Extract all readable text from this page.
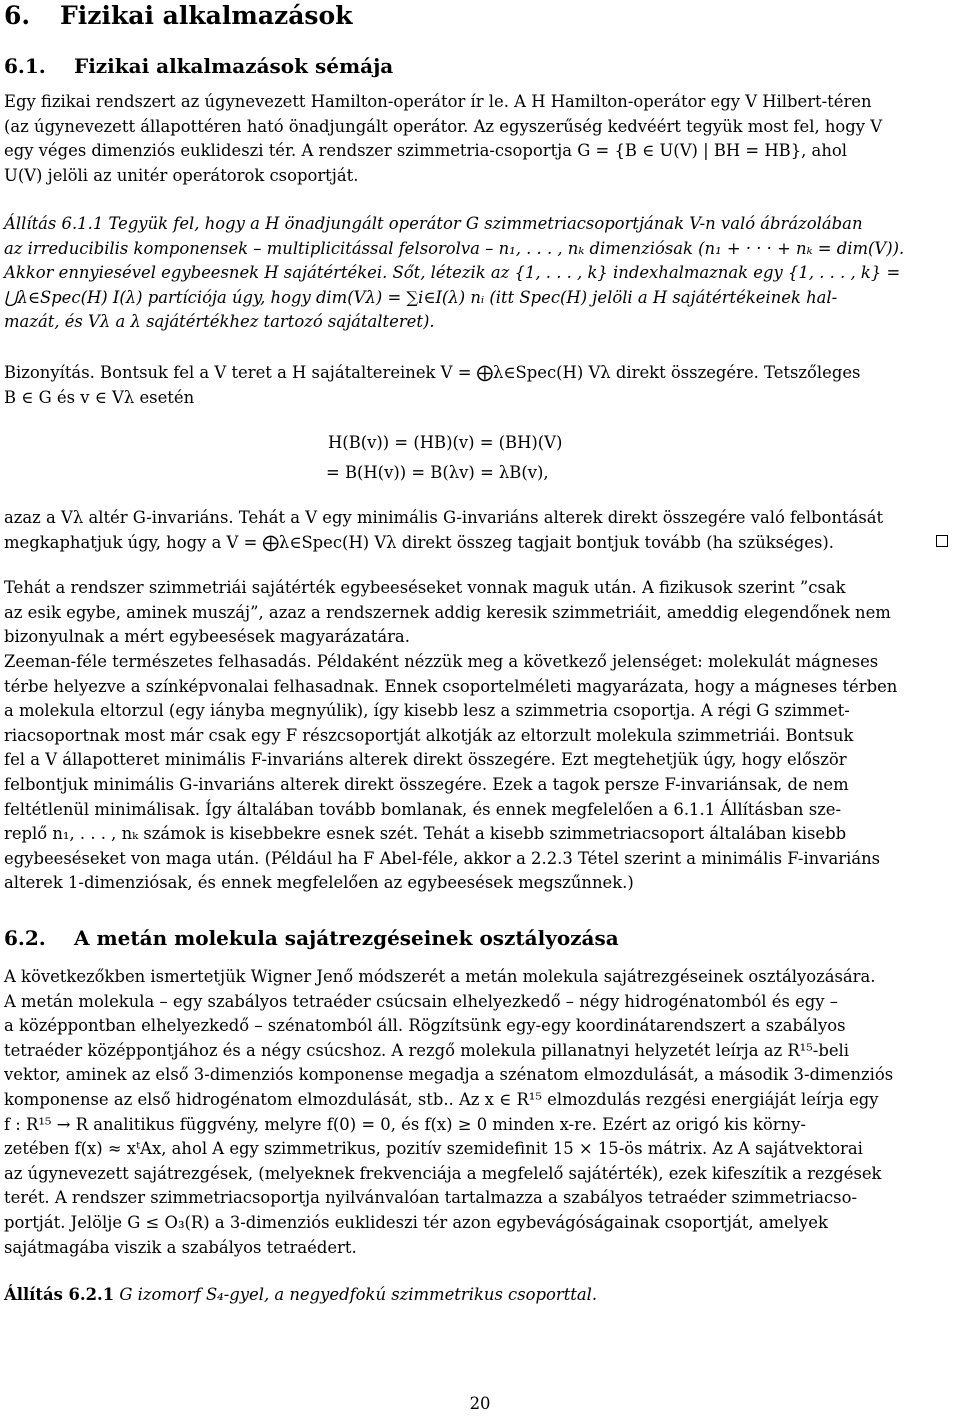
6. Fizikai alkalmazások
6.1. Fizikai alkalmazások sémája
Egy fizikai rendszert az úgynevezett Hamilton-operátor ír le. A H Hamilton-operátor egy V Hilbert-téren
(az úgynevezett állapottéren ható önadjungált operátor. Az egyszerűség kedvéért tegyük most fel, hogy V
egy véges dimenziós euklideszi tér. A rendszer szimmetria-csoportja G = {B ∈ U(V) | BH = HB}, ahol
U(V) jelöli az unitér operátorok csoportját.
Állítás 6.1.1 Tegyük fel, hogy a H önadjungált operátor G szimmetriacsoportjának V-n való ábrázolában
az irreducibilis komponensek – multiplicitással felsorolva – n₁, . . . , nₖ dimenziósak (n₁ + · · · + nₖ = dim(V)).
Akkor ennyiesével egybeesnek H sajátértékei. Sőt, létezik az {1, . . . , k} indexhalmaznak egy {1, . . . , k} =
⋃λ∈Spec(H) I(λ) partíciója úgy, hogy dim(Vλ) = ∑i∈I(λ) nᵢ (itt Spec(H) jelöli a H sajátértékeinek hal-
mazát, és Vλ a λ sajátértékhez tartozó sajátalteret).
Bizonyítás. Bontsuk fel a V teret a H sajátaltereinek V = ⨁λ∈Spec(H) Vλ direkt összegére. Tetszőleges
B ∈ G és v ∈ Vλ esetén
H(B(v)) = (HB)(v) = (BH)(V)
= B(H(v)) = B(λv) = λB(v),
azaz a Vλ altér G-invariáns. Tehát a V egy minimális G-invariáns alterek direkt összegére való felbontását
megkaphatjuk úgy, hogy a V = ⨁λ∈Spec(H) Vλ direkt összeg tagjait bontjuk tovább (ha szükséges).
Tehát a rendszer szimmetriái sajátérték egybeeséseket vonnak maguk után. A fizikusok szerint ”csak
az esik egybe, aminek muszáj”, azaz a rendszernek addig keresik szimmetriáit, ameddig elegendőnek nem
bizonyulnak a mért egybeesések magyarázatára.
Zeeman-féle természetes felhasadás. Példaként nézzük meg a következő jelenséget: molekulát mágneses
térbe helyezve a színképvonalai felhasadnak. Ennek csoportelméleti magyarázata, hogy a mágneses térben
a molekula eltorzul (egy iányba megnyúlik), így kisebb lesz a szimmetria csoportja. A régi G szimmet-
riacsoportnak most már csak egy F részcsoportját alkotják az eltorzult molekula szimmetriái. Bontsuk
fel a V állapotteret minimális F-invariáns alterek direkt összegére. Ezt megtehetjük úgy, hogy először
felbontjuk minimális G-invariáns alterek direkt összegére. Ezek a tagok persze F-invariánsak, de nem
feltétlenül minimálisak. Így általában tovább bomlanak, és ennek megfelelően a 6.1.1 Állításban sze-
replő n₁, . . . , nₖ számok is kisebbekre esnek szét. Tehát a kisebb szimmetriacsoport általában kisebb
egybeeséseket von maga után. (Például ha F Abel-féle, akkor a 2.2.3 Tétel szerint a minimális F-invariáns
alterek 1-dimenziósak, és ennek megfelelően az egybeesések megszűnnek.)
6.2. A metán molekula sajátrezgéseinek osztályozása
A következőkben ismertetjük Wigner Jenő módszerét a metán molekula sajátrezgéseinek osztályozására.
A metán molekula – egy szabályos tetraéder csúcsain elhelyezkedő – négy hidrogénatomból és egy –
a középpontban elhelyezkedő – szénatomból áll. Rögzítsünk egy-egy koordinátarendszert a szabályos
tetraéder középpontjához és a négy csúcshoz. A rezgő molekula pillanatnyi helyzetét leírja az R¹⁵-beli
vektor, aminek az első 3-dimenziós komponense megadja a szénatom elmozdulását, a második 3-dimenziós
komponense az első hidrogénatom elmozdulását, stb.. Az x ∈ R¹⁵ elmozdulás rezgési energiáját leírja egy
f : R¹⁵ → R analitikus függvény, melyre f(0) = 0, és f(x) ≥ 0 minden x-re. Ezért az origó kis körny-
zetében f(x) ≈ xᵗAx, ahol A egy szimmetrikus, pozitív szemidefinit 15 × 15-ös mátrix. Az A sajátvektorai
az úgynevezett sajátrezgések, (melyeknek frekvenciája a megfelelő sajátérték), ezek kifeszítik a rezgések
terét. A rendszer szimmetriacsoportja nyilvánvalóan tartalmazza a szabályos tetraéder szimmetriacso-
portját. Jelölje G ≤ O₃(R) a 3-dimenziós euklideszi tér azon egybevágóságainak csoportját, amelyek
sajátmagába viszik a szabályos tetraédert.
Állítás 6.2.1 G izomorf S₄-gyel, a negyedfokú szimmetrikus csoporttal.
20
